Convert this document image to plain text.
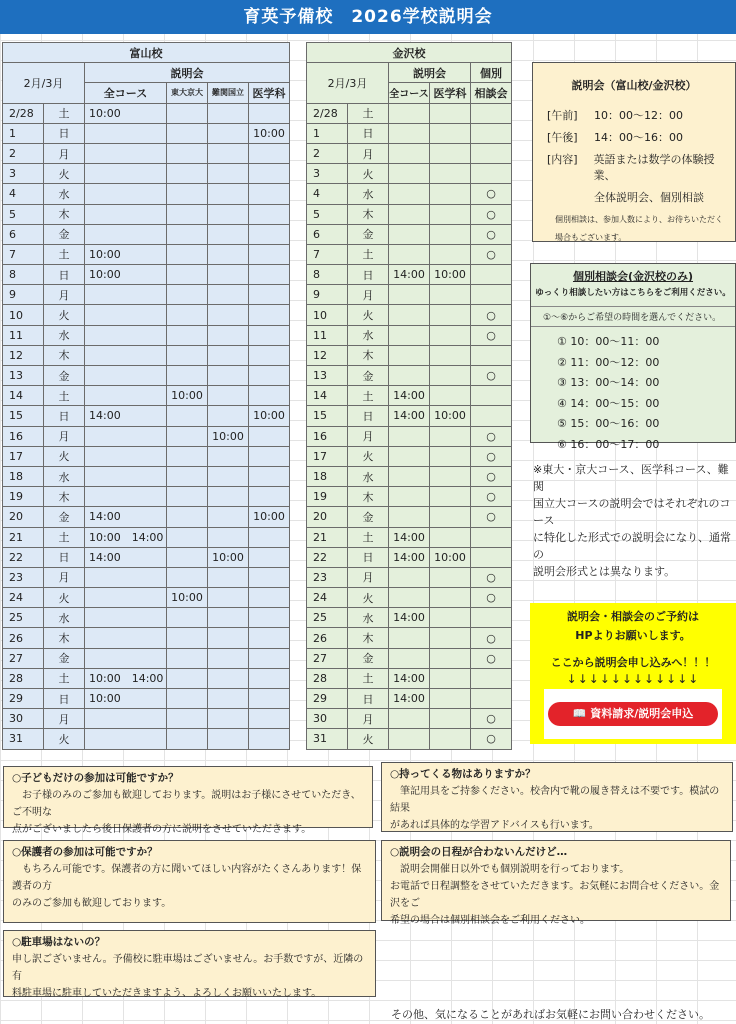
育英予備校　2026学校説明会
富山校					
2月/3月		説明会			
		全コース	東大京大	難関国立	医学科
2/28	土	10:00			
1	日				10:00
2	月				
3	火				
4	水				
5	木				
6	金				
7	土	10:00			
8	日	10:00			
9	月				
10	火				
11	水				
12	木				
13	金				
14	土		10:00		
15	日	14:00			10:00
16	月			10:00	
17	火				
18	水				
19	木				
20	金	14:00			10:00
21	土	10:00　14:00			
22	日	14:00		10:00	
23	月				
24	火		10:00		
25	水				
26	木				
27	金				
28	土	10:00　14:00			
29	日	10:00			
30	月				
31	火				
金沢校				
2月/3月		説明会		個別
		全コース	医学科	相談会
2/28	土			
1	日			
2	月			
3	火			
4	水			○
5	木			○
6	金			○
7	土			○
8	日	14:00	10:00	
9	月			
10	火			○
11	水			○
12	木			
13	金			○
14	土	14:00		
15	日	14:00	10:00	
16	月			○
17	火			○
18	水			○
19	木			○
20	金			○
21	土	14:00		
22	日	14:00	10:00	
23	月			○
24	火			○
25	水	14:00		
26	木			○
27	金			○
28	土	14:00		
29	日	14:00		
30	月			○
31	火			○
説明会（富山校/金沢校）
[午前]	10：00～12：00
[午後]	14：00～16：00
[内容]	英語または数学の体験授業、
全体説明会、個別相談
個別相談は、参加人数により、お待ちいただく
場合もございます。
個別相談会(金沢校のみ)
ゆっくり相談したい方はこちらをご利用ください。
①～⑥からご希望の時間を選んでください。
① 10：00～11：00
② 11：00～12：00
③ 13：00～14：00
④ 14：00～15：00
⑤ 15：00～16：00
⑥ 16：00～17：00
※東大・京大コース、医学科コース、難関
国立大コースの説明会ではそれぞれのコース
に特化した形式での説明会になり、通常の
説明会形式とは異なります。
説明会・相談会のご予約は
HPよりお願いします。
ここから説明会申し込みへ！！！
↓↓↓↓↓↓↓↓↓↓↓↓
📖 資料請求/説明会申込
○子どもだけの参加は可能ですか？
　お子様のみのご参加も歓迎しております。説明はお子様にさせていただき、ご不明な
点がございましたら後日保護者の方に説明をさせていただきます。
○保護者の参加は可能ですか？
　もちろん可能です。保護者の方に聞いてほしい内容がたくさんあります！保護者の方
のみのご参加も歓迎しております。
○駐車場はないの？
申し訳ございません。予備校に駐車場はございません。お手数ですが、近隣の有
料駐車場に駐車していただきますよう、よろしくお願いいたします。
○持ってくる物はありますか？
　筆記用具をご持参ください。校舎内で靴の履き替えは不要です。模試の結果
があれば具体的な学習アドバイスも行います。
○説明会の日程が合わないんだけど…
　説明会開催日以外でも個別説明を行っております。
お電話で日程調整をさせていただきます。お気軽にお問合せください。金沢をご
希望の場合は個別相談会をご利用ください。
その他、気になることがあればお気軽にお問い合わせください。
